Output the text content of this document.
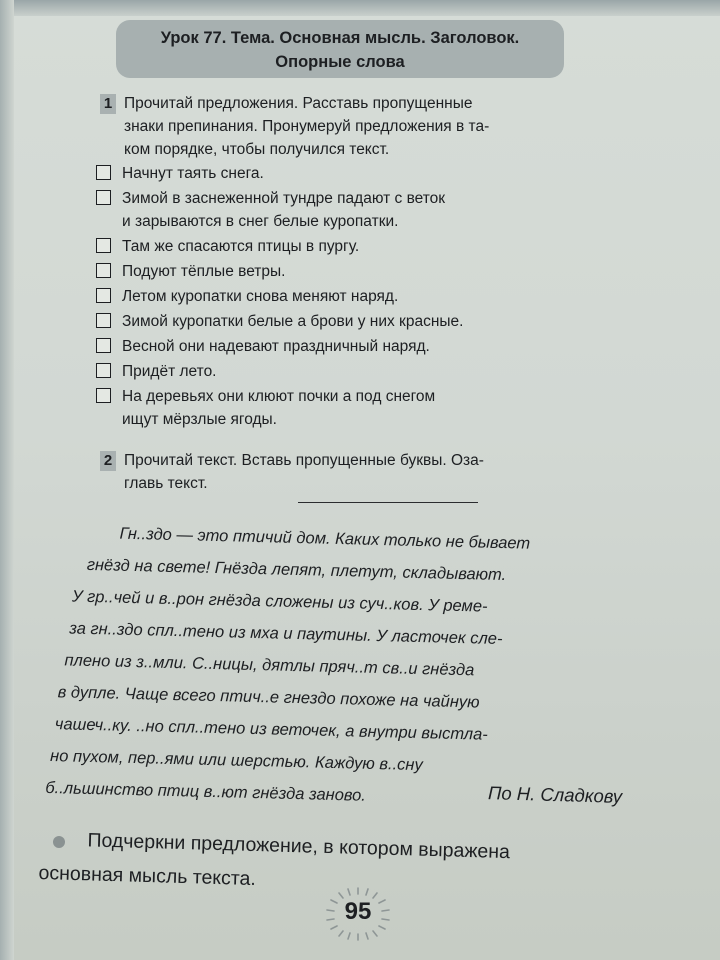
Урок 77. Тема. Основная мысль. Заголовок.
Опорные слова
1 Прочитай предложения. Расставь пропущенные
знаки препинания. Пронумеруй предложения в та-
ком порядке, чтобы получился текст.
Начнут таять снега.
Зимой в заснеженной тундре падают с веток
и зарываются в снег белые куропатки.
Там же спасаются птицы в пургу.
Подуют тёплые ветры.
Летом куропатки снова меняют наряд.
Зимой куропатки белые а брови у них красные.
Весной они надевают праздничный наряд.
Придёт лето.
На деревьях они клюют почки а под снегом
ищут мёрзлые ягоды.
2 Прочитай текст. Вставь пропущенные буквы. Оза-
главь текст.
Гн..здо — это птичий дом. Каких только не бывает
гнёзд на свете! Гнёзда лепят, плетут, складывают.
У гр..чей и в..рон гнёзда сложены из суч..ков. У реме-
за гн..здо спл..тено из мха и паутины. У ласточек сле-
плено из з..мли. С..ницы, дятлы пряч..т св..и гнёзда
в дупле. Чаще всего птич..е гнездо похоже на чайную
чашеч..ку. ..но спл..тено из веточек, а внутри выстла-
но пухом, пер..ями или шерстью. Каждую в..сну
б..льшинство птиц в..ют гнёзда заново.	По Н. Сладкову
Подчеркни предложение, в котором выражена
основная мысль текста.
95
